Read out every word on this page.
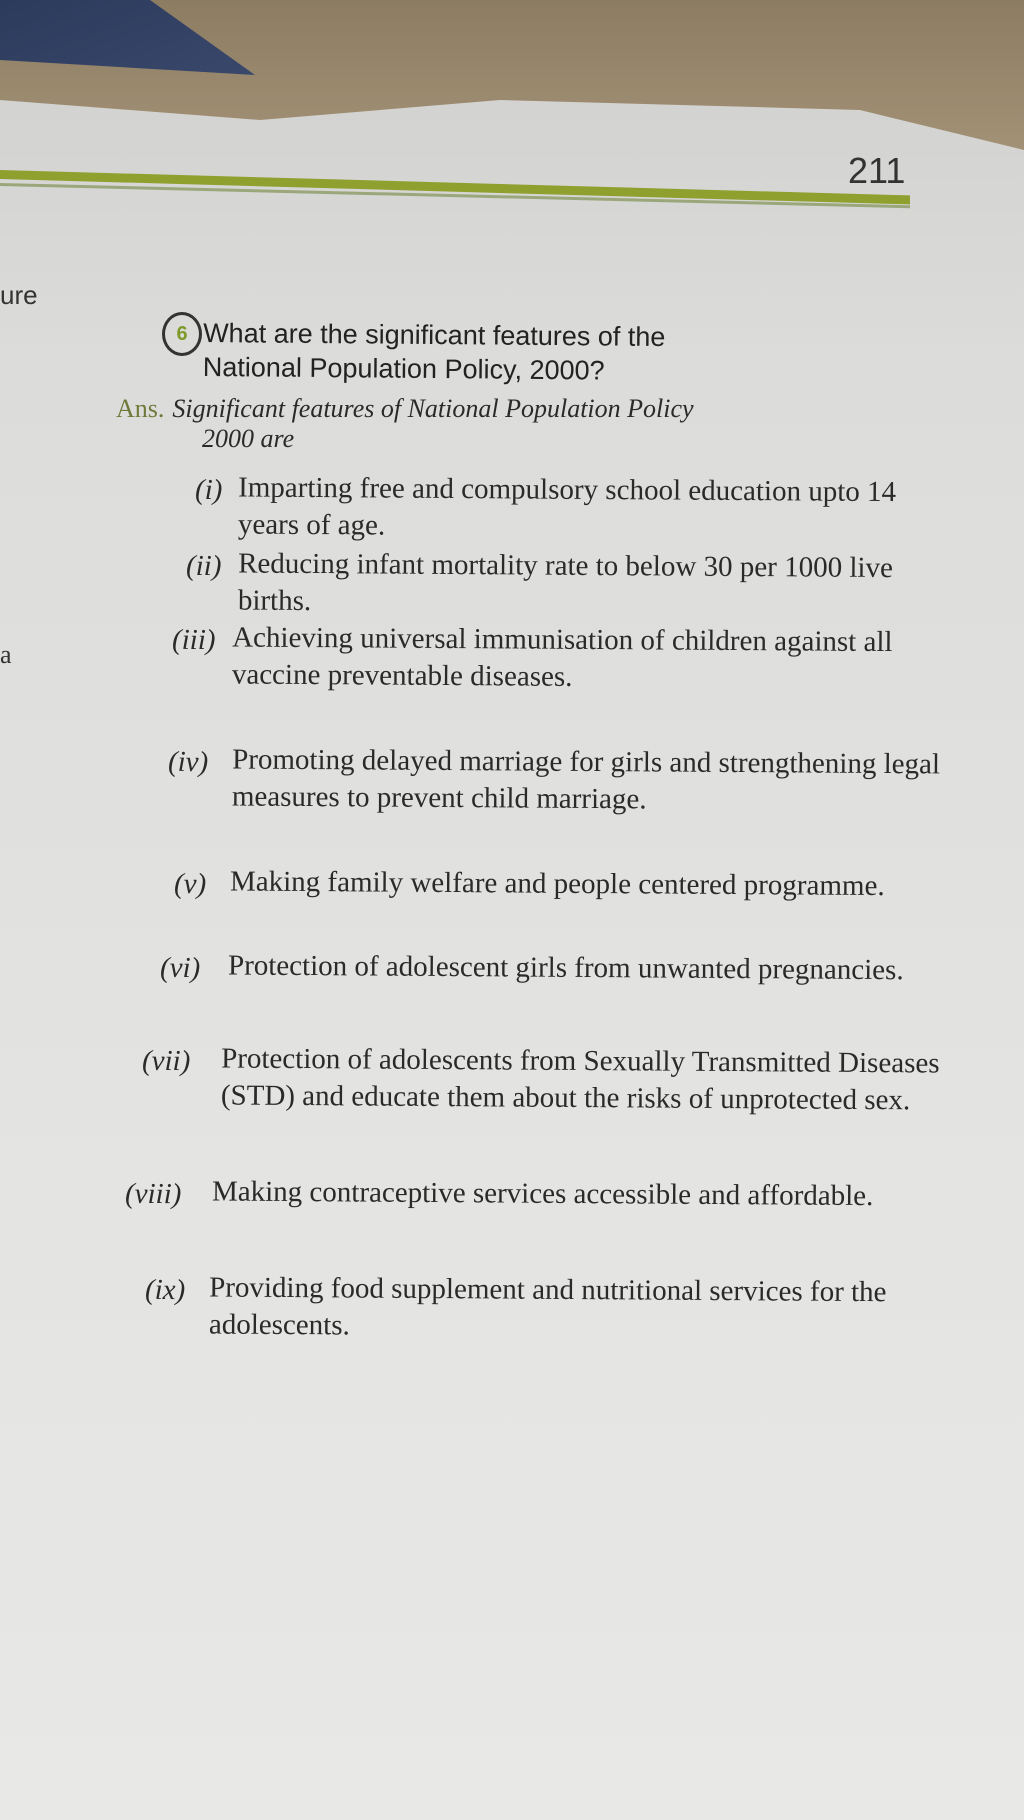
211
ure
a
6 What are the significant features of the
National Population Policy, 2000?
Ans. Significant features of National Population Policy
2000 are
(i) Imparting free and compulsory school education upto 14 years of age.
(ii) Reducing infant mortality rate to below 30 per 1000 live births.
(iii) Achieving universal immunisation of children against all vaccine preventable diseases.
(iv) Promoting delayed marriage for girls and strengthening legal measures to prevent child marriage.
(v) Making family welfare and people centered programme.
(vi) Protection of adolescent girls from unwanted pregnancies.
(vii) Protection of adolescents from Sexually Transmitted Diseases (STD) and educate them about the risks of unprotected sex.
(viii) Making contraceptive services accessible and affordable.
(ix) Providing food supplement and nutritional services for the adolescents.
